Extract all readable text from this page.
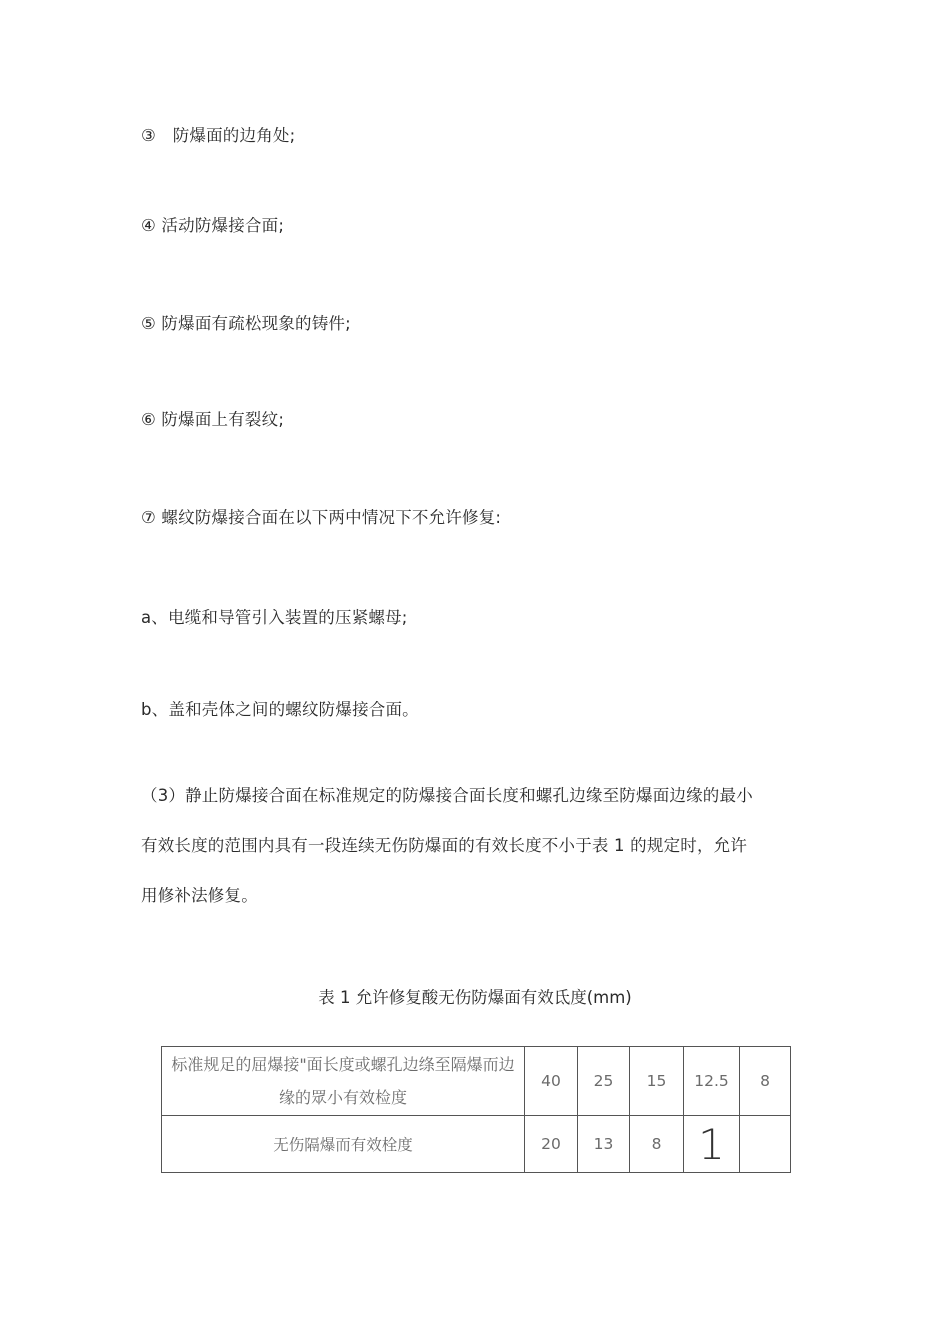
③　防爆面的边角处;
④ 活动防爆接合面;
⑤ 防爆面有疏松现象的铸件;
⑥ 防爆面上有裂纹;
⑦ 螺纹防爆接合面在以下两中情况下不允许修复:
a、电缆和导管引入装置的压紧螺母;
b、盖和壳体之间的螺纹防爆接合面。
（3）静止防爆接合面在标准规定的防爆接合面长度和螺孔边缘至防爆面边缘的最小
有效长度的范围内具有一段连续无伤防爆面的有效长度不小于表 1 的规定时，允许
用修补法修复。
表 1 允许修复酸无伤防爆面有效氐度(mm)
标准规足的屈爆接"面长度或螺孔边绦至隔爆而边缘的眾小有效检度	40	25	15	12.5	8
无伤隔爆而有效栓度	20	13	8	1	
